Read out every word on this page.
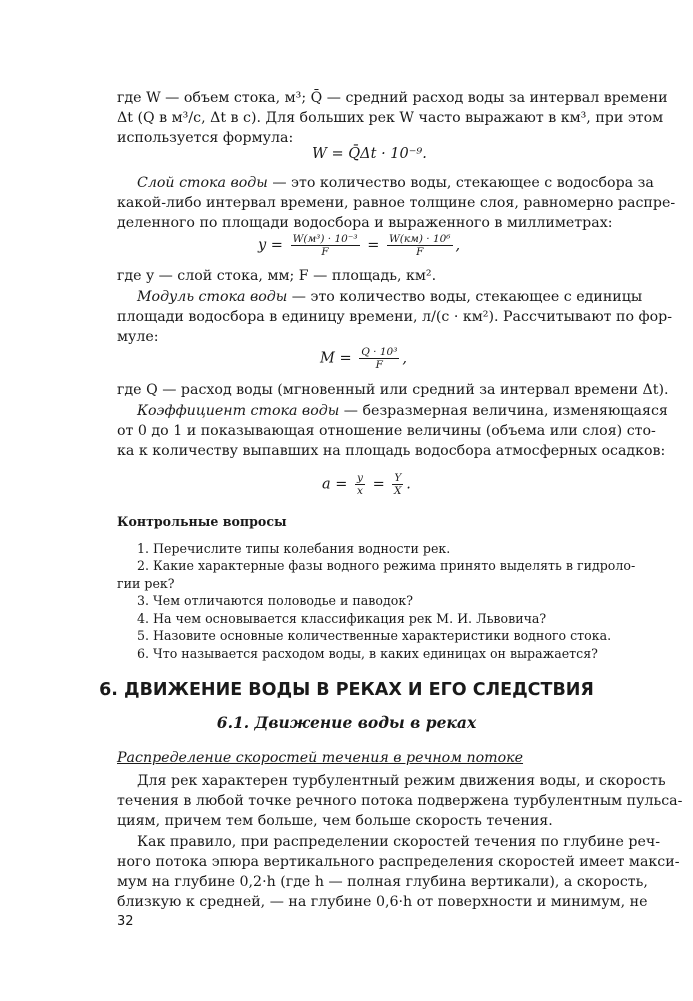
где W — объем стока, м³; Q̄ — средний расход воды за интервал времени
Δt (Q в м³/с, Δt в с). Для больших рек W часто выражают в км³, при этом
используется формула:
W = Q̄Δt · 10⁻⁹.
Слой стока воды — это количество воды, стекающее с водосбора за
какой-либо интервал времени, равное толщине слоя, равномерно распре-
деленного по площади водосбора и выраженного в миллиметрах:
$y = \frac{\text{W(м³) · 10⁻³}}{F} = \frac{\text{W(км) · 10⁶}}{F}$ ,
где y — слой стока, мм; F — площадь, км².
Модуль стока воды — это количество воды, стекающее с единицы
площади водосбора в единицу времени, л/(с · км²). Рассчитывают по фор-
муле:
$M = \frac{\text{Q · 10³}}{F}$ ,
где Q — расход воды (мгновенный или средний за интервал времени Δt).
Коэффициент стока воды — безразмерная величина, изменяющаяся
от 0 до 1 и показывающая отношение величины (объема или слоя) сто-
ка к количеству выпавших на площадь водосбора атмосферных осадков:
$a = \frac{y}{x} = \frac{Y}{X}$ .
Контрольные вопросы
1. Перечислите типы колебания водности рек.
2. Какие характерные фазы водного режима принято выделять в гидроло-
гии рек?
3. Чем отличаются половодье и паводок?
4. На чем основывается классификация рек М. И. Львовича?
5. Назовите основные количественные характеристики водного стока.
6. Что называется расходом воды, в каких единицах он выражается?
6. ДВИЖЕНИЕ ВОДЫ В РЕКАХ И ЕГО СЛЕДСТВИЯ
6.1. Движение воды в реках
Распределение скоростей течения в речном потоке
Для рек характерен турбулентный режим движения воды, и скорость
течения в любой точке речного потока подвержена турбулентным пульса-
циям, причем тем больше, чем больше скорость течения.
Как правило, при распределении скоростей течения по глубине реч-
ного потока эпюра вертикального распределения скоростей имеет макси-
мум на глубине 0,2·h (где h — полная глубина вертикали), а скорость,
близкую к средней, — на глубине 0,6·h от поверхности и минимум, не
32
